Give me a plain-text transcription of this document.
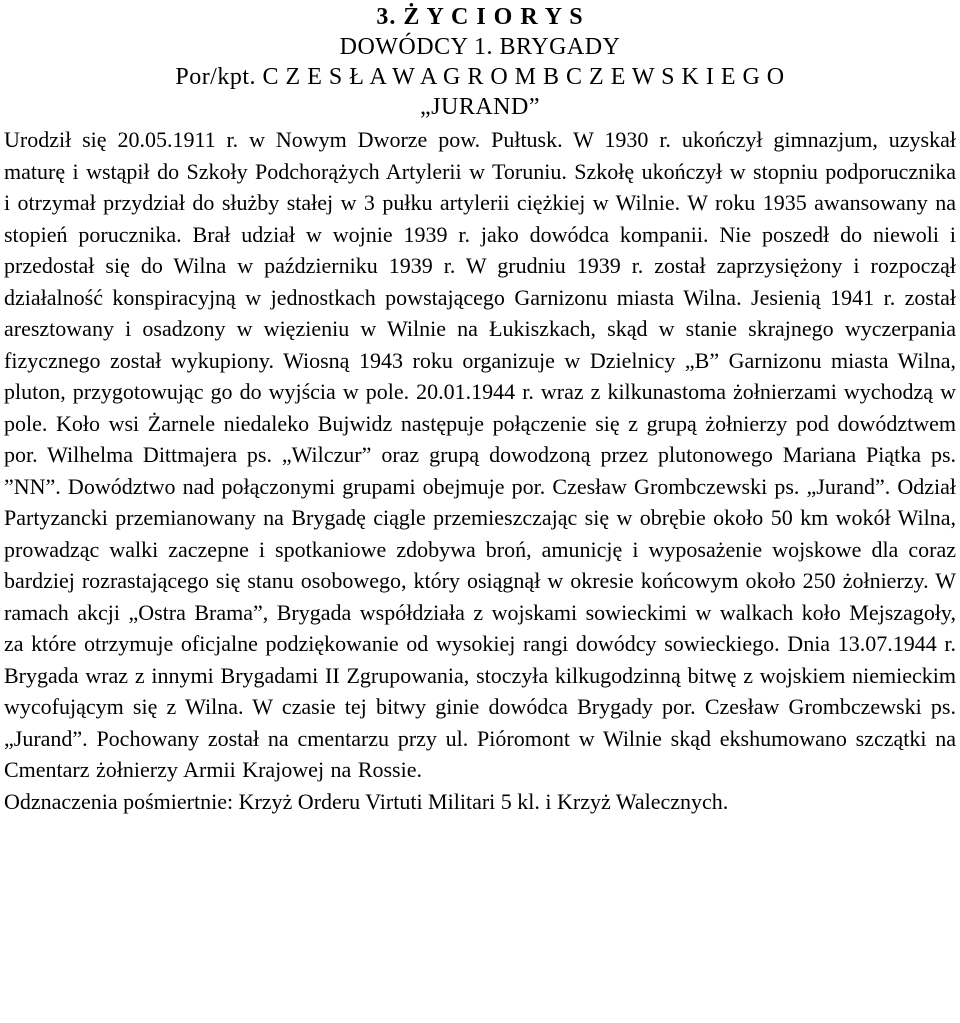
3. Ż Y C I O R Y S
DOWÓDCY 1. BRYGADY
Por/kpt. C Z E S Ł A W A G R O M B C Z E W S K I E G O
„JURAND”

Urodził się 20.05.1911 r. w Nowym Dworze pow. Pułtusk. W 1930 r. ukończył gimnazjum, uzyskał maturę i wstąpił do Szkoły Podchorążych Artylerii w Toruniu. Szkołę ukończył w stopniu podporucznika i otrzymał przydział do służby stałej w 3 pułku artylerii ciężkiej w Wilnie. W roku 1935 awansowany na stopień porucznika. Brał udział w wojnie 1939 r. jako dowódca kompanii. Nie poszedł do niewoli i przedostał się do Wilna w październiku 1939 r. W grudniu 1939 r. został zaprzysiężony i rozpoczął działalność konspiracyjną w jednostkach powstającego Garnizonu miasta Wilna. Jesienią 1941 r. został aresztowany i osadzony w więzieniu w Wilnie na Łukiszkach, skąd w stanie skrajnego wyczerpania fizycznego został wykupiony. Wiosną 1943 roku organizuje w Dzielnicy „B” Garnizonu miasta Wilna, pluton, przygotowując go do wyjścia w pole. 20.01.1944 r. wraz z kilkunastoma żołnierzami wychodzą w pole. Koło wsi Żarnele niedaleko Bujwidz następuje połączenie się z grupą żołnierzy pod dowództwem por. Wilhelma Dittmajera ps. „Wilczur” oraz grupą dowodzoną przez plutonowego Mariana Piątka ps. ”NN”. Dowództwo nad połączonymi grupami obejmuje por. Czesław Grombczewski ps. „Jurand”. Odział Partyzancki przemianowany na Brygadę ciągle przemieszczając się w obrębie około 50 km wokół Wilna, prowadząc walki zaczepne i spotkaniowe zdobywa broń, amunicję i wyposażenie wojskowe dla coraz bardziej rozrastającego się stanu osobowego, który osiągnął w okresie końcowym około 250 żołnierzy. W ramach akcji „Ostra Brama”, Brygada współdziała z wojskami sowieckimi w walkach koło Mejszagoły, za które otrzymuje oficjalne podziękowanie od wysokiej rangi dowódcy sowieckiego. Dnia 13.07.1944 r. Brygada wraz z innymi Brygadami II Zgrupowania, stoczyła kilkugodzinną bitwę z wojskiem niemieckim wycofującym się z Wilna. W czasie tej bitwy ginie dowódca Brygady por. Czesław Grombczewski ps. „Jurand”. Pochowany został na cmentarzu przy ul. Pióromont w Wilnie skąd ekshumowano szczątki na Cmentarz żołnierzy Armii Krajowej na Rossie.

Odznaczenia pośmiertnie: Krzyż Orderu Virtuti Militari 5 kl. i Krzyż Walecznych.
